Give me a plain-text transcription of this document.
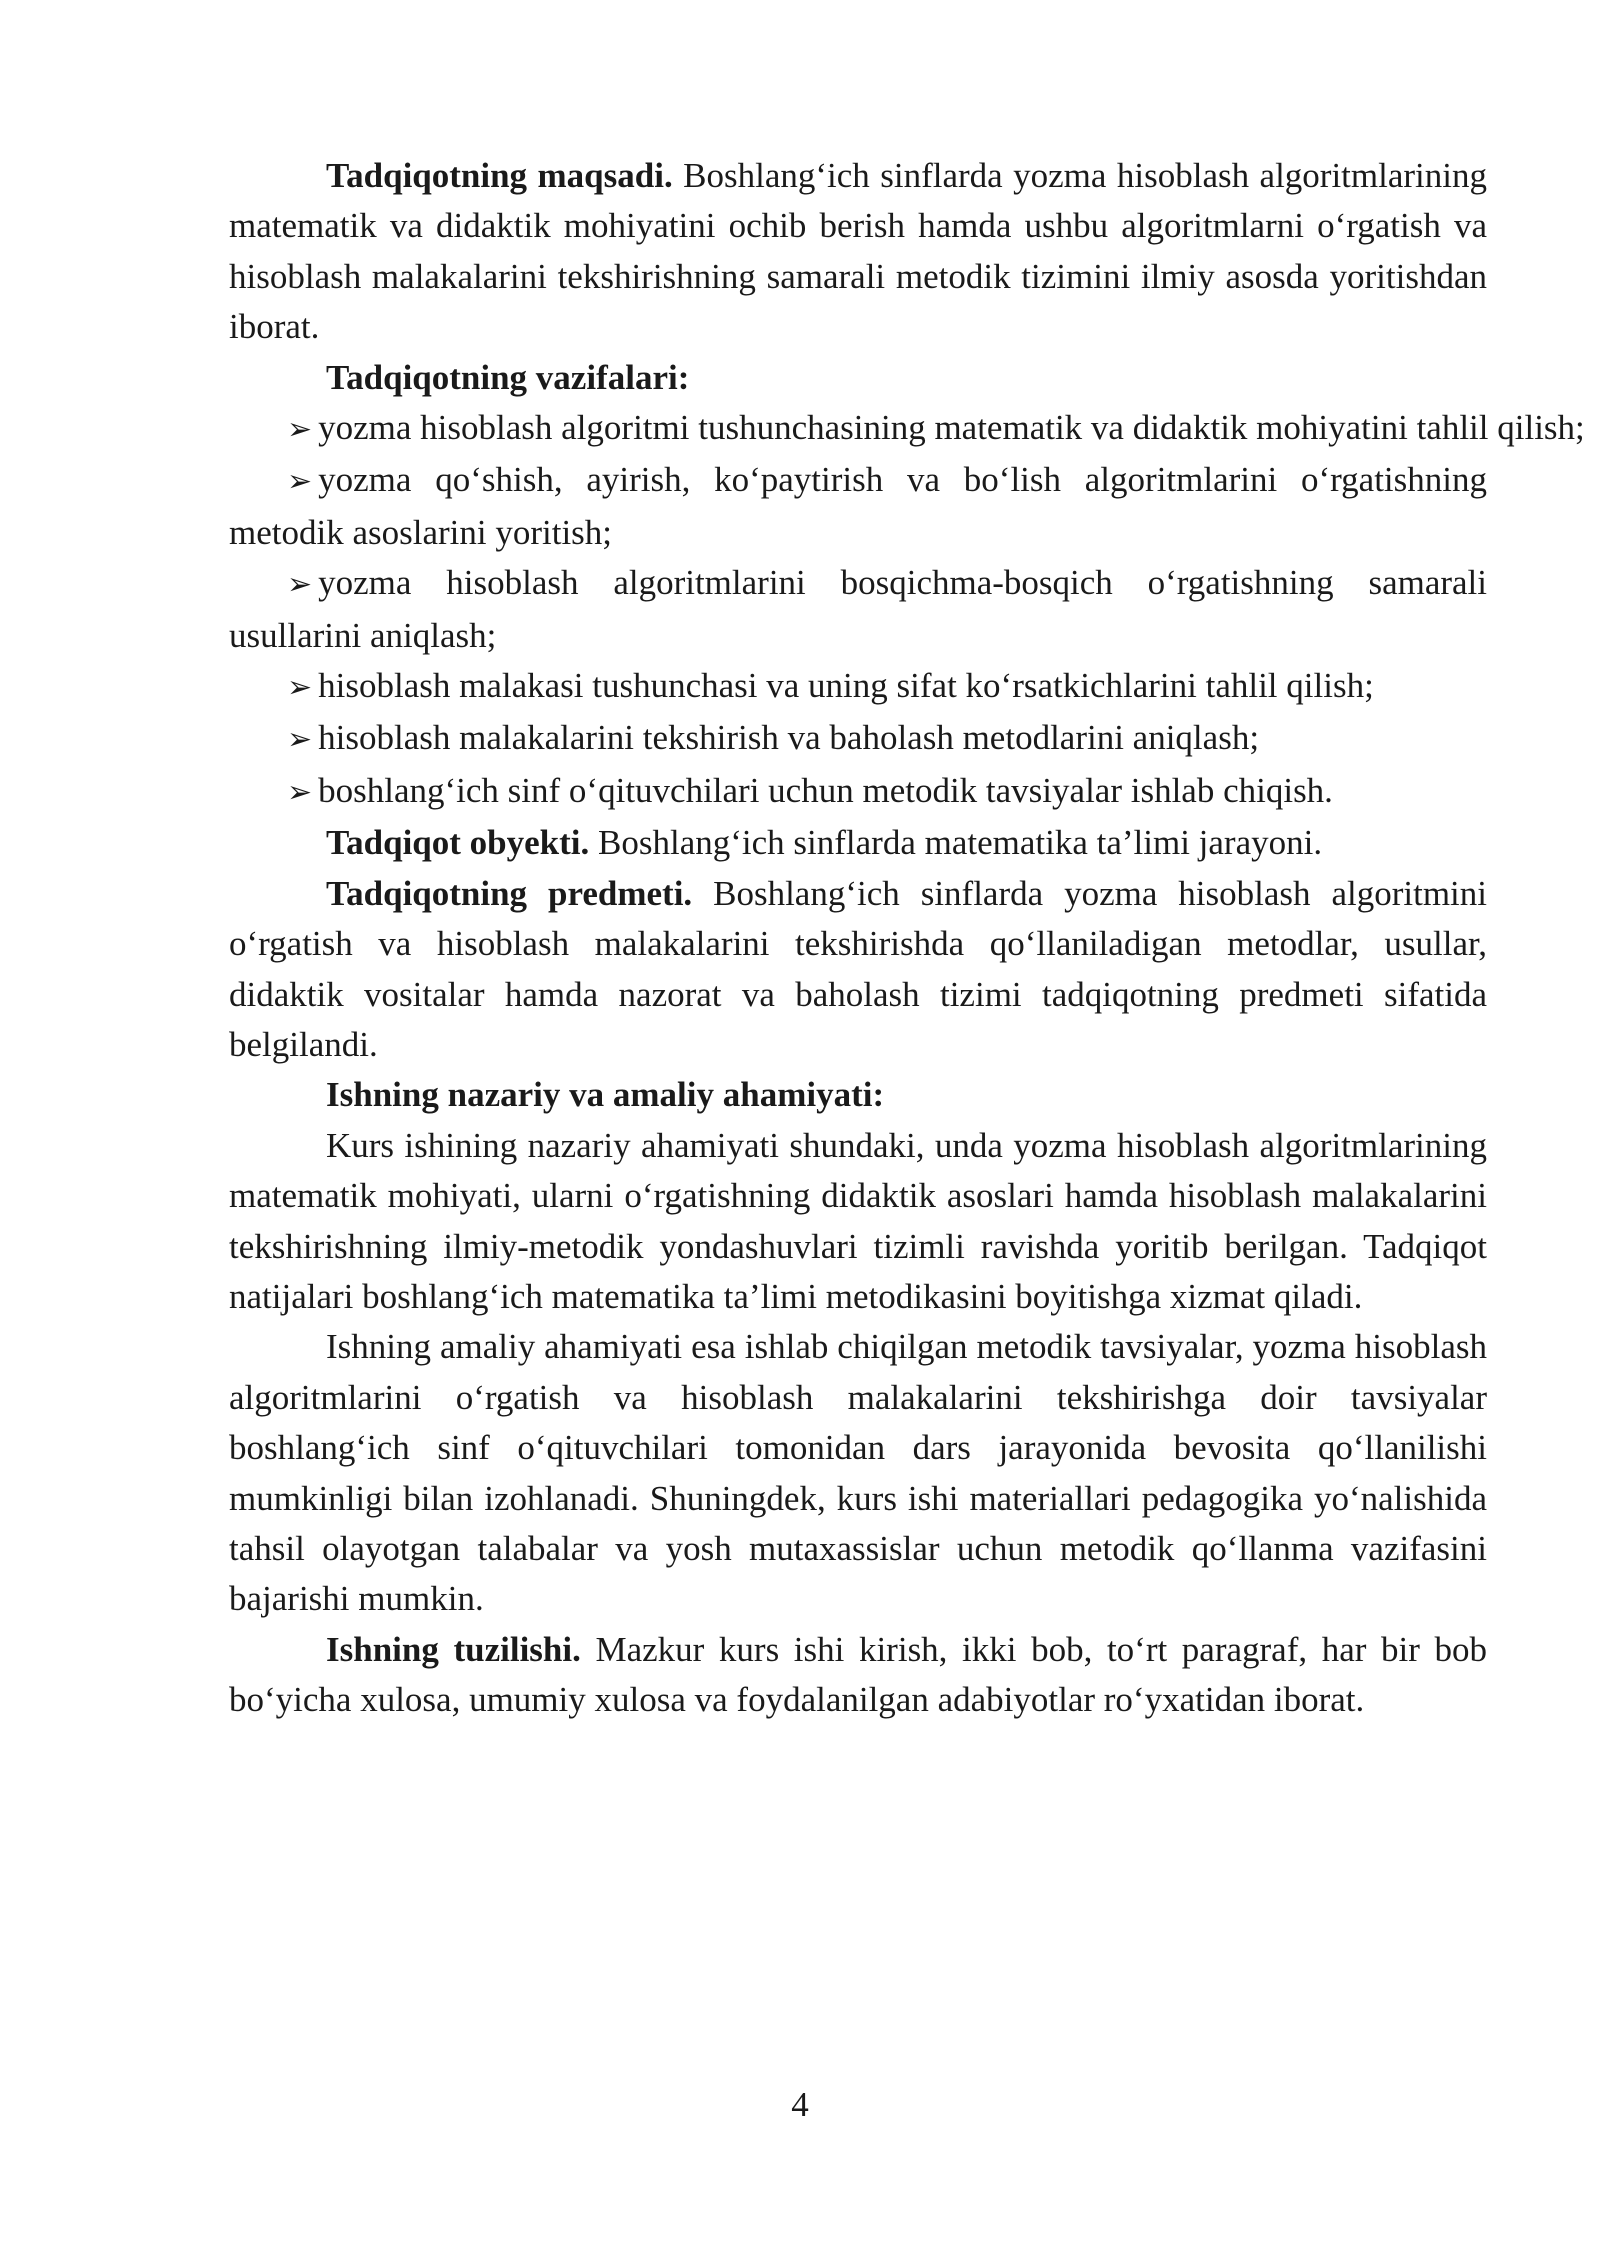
Tadqiqotning maqsadi. Boshlang‘ich sinflarda yozma hisoblash algoritmlarining matematik va didaktik mohiyatini ochib berish hamda ushbu algoritmlarni o‘rgatish va hisoblash malakalarini tekshirishning samarali metodik tizimini ilmiy asosda yoritishdan iborat.

Tadqiqotning vazifalari:

➢ yozma hisoblash algoritmi tushunchasining matematik va didaktik mohiyatini tahlil qilish;

➢ yozma qo‘shish, ayirish, ko‘paytirish va bo‘lish algoritmlarini o‘rgatishning metodik asoslarini yoritish;

➢ yozma hisoblash algoritmlarini bosqichma-bosqich o‘rgatishning samarali usullarini aniqlash;

➢ hisoblash malakasi tushunchasi va uning sifat ko‘rsatkichlarini tahlil qilish;

➢ hisoblash malakalarini tekshirish va baholash metodlarini aniqlash;

➢ boshlang‘ich sinf o‘qituvchilari uchun metodik tavsiyalar ishlab chiqish.

Tadqiqot obyekti. Boshlang‘ich sinflarda matematika ta’limi jarayoni.

Tadqiqotning predmeti. Boshlang‘ich sinflarda yozma hisoblash algoritmini o‘rgatish va hisoblash malakalarini tekshirishda qo‘llaniladigan metodlar, usullar, didaktik vositalar hamda nazorat va baholash tizimi tadqiqotning predmeti sifatida belgilandi.

Ishning nazariy va amaliy ahamiyati:

Kurs ishining nazariy ahamiyati shundaki, unda yozma hisoblash algoritmlarining matematik mohiyati, ularni o‘rgatishning didaktik asoslari hamda hisoblash malakalarini tekshirishning ilmiy-metodik yondashuvlari tizimli ravishda yoritib berilgan. Tadqiqot natijalari boshlang‘ich matematika ta’limi metodikasini boyitishga xizmat qiladi.

Ishning amaliy ahamiyati esa ishlab chiqilgan metodik tavsiyalar, yozma hisoblash algoritmlarini o‘rgatish va hisoblash malakalarini tekshirishga doir tavsiyalar boshlang‘ich sinf o‘qituvchilari tomonidan dars jarayonida bevosita qo‘llanilishi mumkinligi bilan izohlanadi. Shuningdek, kurs ishi materiallari pedagogika yo‘nalishida tahsil olayotgan talabalar va yosh mutaxassislar uchun metodik qo‘llanma vazifasini bajarishi mumkin.

Ishning tuzilishi. Mazkur kurs ishi kirish, ikki bob, to‘rt paragraf, har bir bob bo‘yicha xulosa, umumiy xulosa va foydalanilgan adabiyotlar ro‘yxatidan iborat.

4
